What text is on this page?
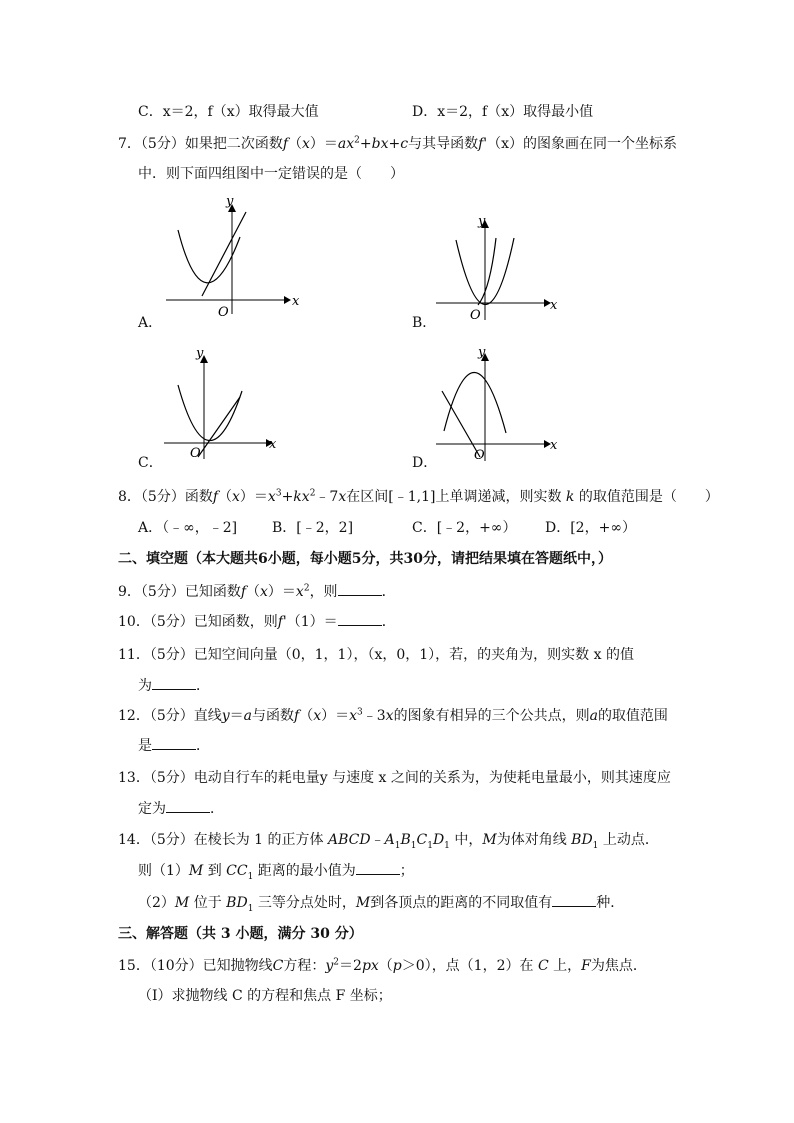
C．x＝2，f（x）取得最大值	D．x＝2，f（x）取得最小值
7．（5分）如果把二次函数$f(x)=ax^2+bx+c$与其导函数f'（x）的图象画在同一个坐标系
中．则下面四组图中一定错误的是（　　）
x
y
O
A．
x
y
O
B．
x
y
O
C．
x
y
O
D．
8．（5分）函数$f(x)=x^3+kx^2﹣7x$在区间[﹣1,1]上单调递减，则实数 k 的取值范围是（　　）
A．（﹣∞，﹣2] B．[﹣2，2]	C．[﹣2，+∞） D．[2，+∞）
二、填空题（本大题共6小题，每小题5分，共30分，请把结果填在答题纸中，）
9．（5分）已知函数$f(x)=x^2$，则	．
10．（5分）已知函数，则f'（1）＝	．
11．（5分）已知空间向量（0，1，1），（x，0，1），若，的夹角为，则实数 x 的值
为	．
12．（5分）直线y＝a与函数$f(x)=x^3﹣3x$的图象有相异的三个公共点，则a的取值范围
是	．
13．（5分）电动自行车的耗电量y 与速度 x 之间的关系为，为使耗电量最小，则其速度应
定为	．
14．（5分）在棱长为 1 的正方体 $ABCD﹣A_1B_1C_1D_1$ 中，M为体对角线 $BD_1$ 上动点．
则（1）M 到 $CC_1$ 距离的最小值为	；
（2）M 位于 $BD_1$ 三等分点处时，M到各顶点的距离的不同取值有	种．
三、解答题（共 3 小题，满分 30 分）
15．（10分）已知抛物线C方程：$y^2=2px(p>0)$，点（1，2）在 C 上，F为焦点．
（Ⅰ）求抛物线 C 的方程和焦点 F 坐标；
